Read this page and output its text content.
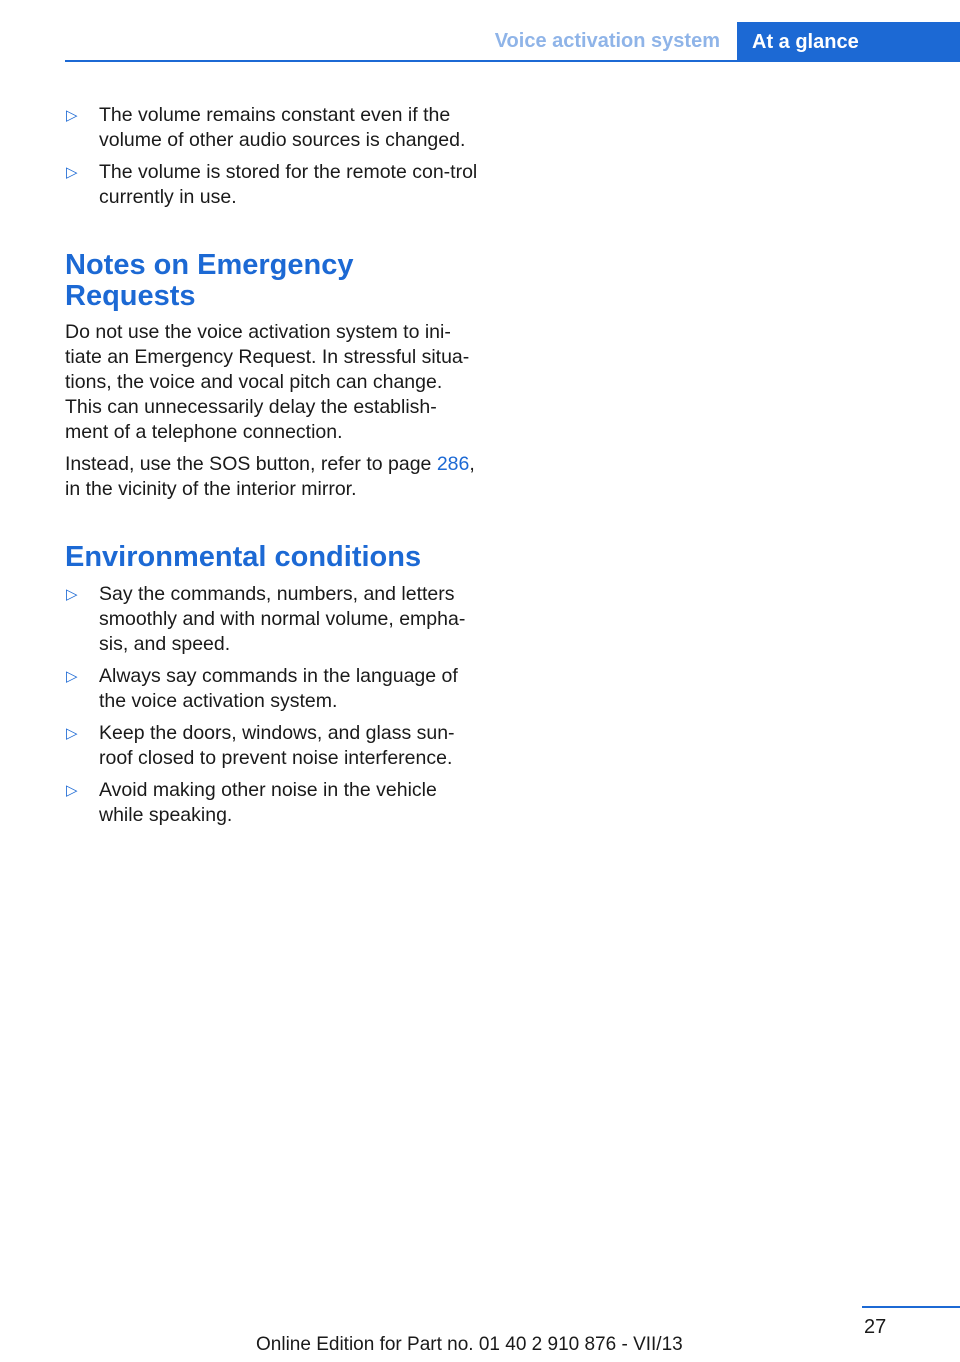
Voice activation system	At a glance
▷ The volume remains constant even if the volume of other audio sources is changed.
▷ The volume is stored for the remote con-trol currently in use.
Notes on Emergency Requests

Do not use the voice activation system to ini-tiate an Emergency Request. In stressful situa-tions, the voice and vocal pitch can change. This can unnecessarily delay the establish-ment of a telephone connection.

Instead, use the SOS button, refer to page 286, in the vicinity of the interior mirror.

Environmental conditions
▷ Say the commands, numbers, and letters smoothly and with normal volume, empha-sis, and speed.
▷ Always say commands in the language of the voice activation system.
▷ Keep the doors, windows, and glass sun-roof closed to prevent noise interference.
▷ Avoid making other noise in the vehicle while speaking.
27
Online Edition for Part no. 01 40 2 910 876 - VII/13
